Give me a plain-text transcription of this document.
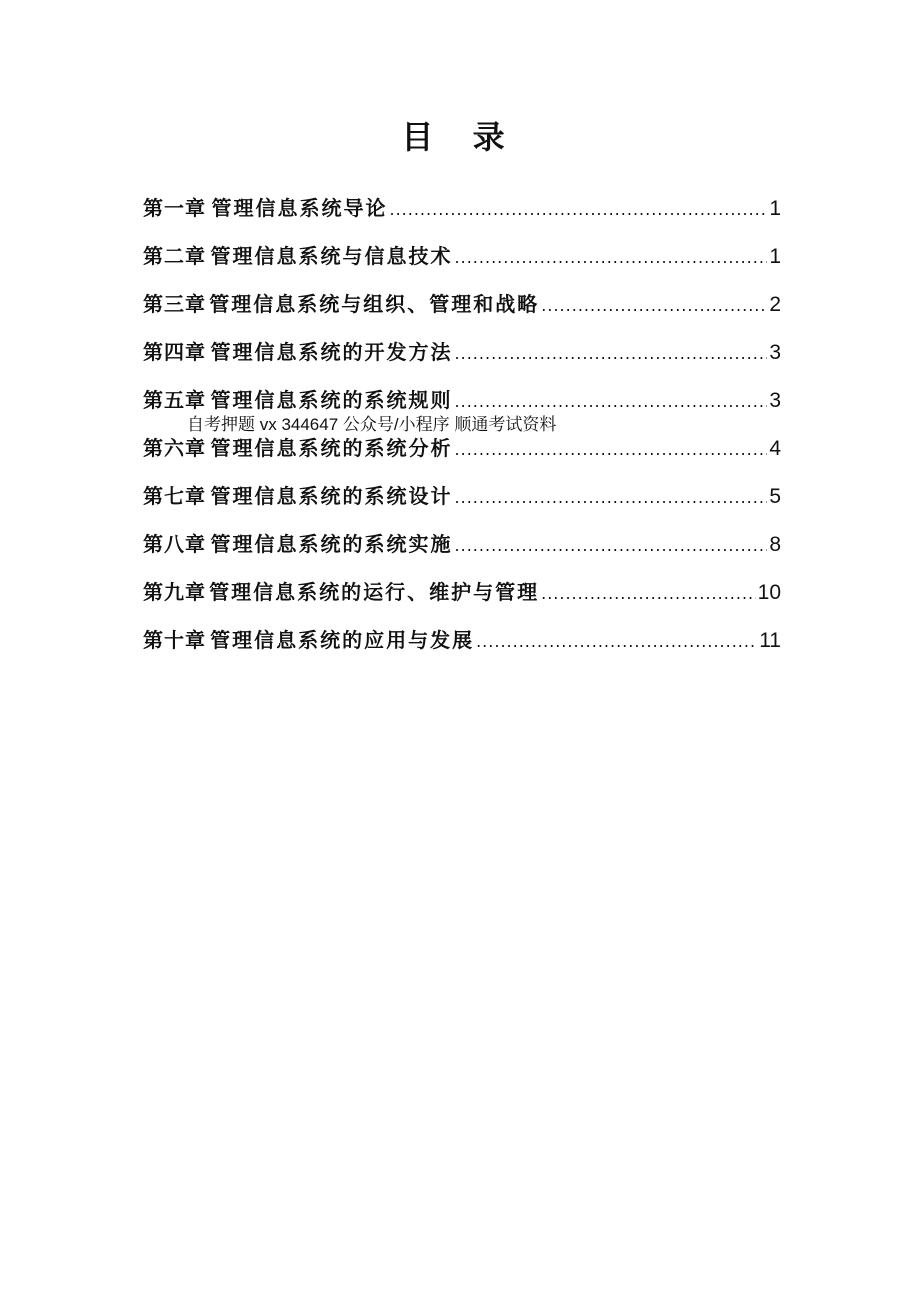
目 录
第一章 管理信息系统导论 .....	1
第二章 管理信息系统与信息技术 .....	1
第三章 管理信息系统与组织、管理和战略 .....	2
第四章 管理信息系统的开发方法 .....	3
第五章 管理信息系统的系统规则 .....	3
第六章 管理信息系统的系统分析 .....	4
第七章 管理信息系统的系统设计 .....	5
第八章 管理信息系统的系统实施 .....	8
第九章 管理信息系统的运行、维护与管理 .....	10
第十章 管理信息系统的应用与发展 .....	11
自考押题 vx 344647 公众号/小程序 顺通考试资料
